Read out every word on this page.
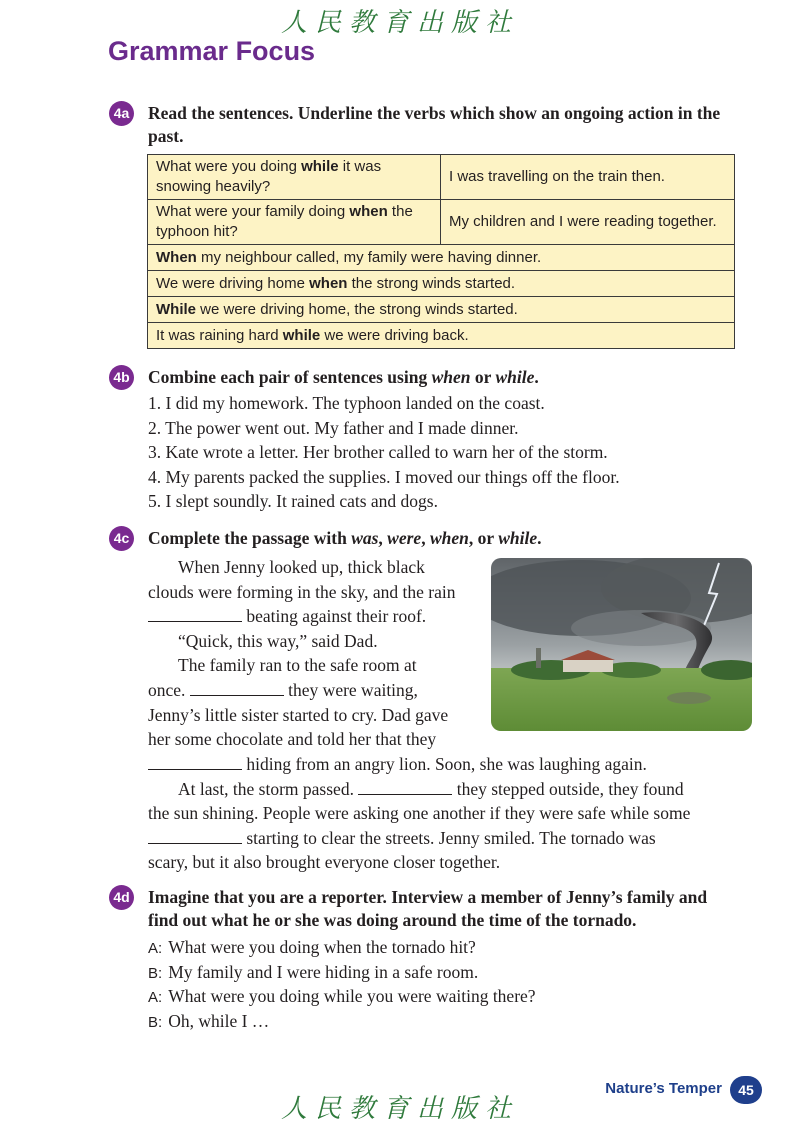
人民教育出版社
Grammar Focus
4a Read the sentences. Underline the verbs which show an ongoing action in the past.
What were you doing while it was snowing heavily?	I was travelling on the train then.
What were your family doing when the typhoon hit?	My children and I were reading together.
When my neighbour called, my family were having dinner.	
We were driving home when the strong winds started.	
While we were driving home, the strong winds started.	
It was raining hard while we were driving back.	
4b Combine each pair of sentences using when or while.
1. I did my homework. The typhoon landed on the coast.
2. The power went out. My father and I made dinner.
3. Kate wrote a letter. Her brother called to warn her of the storm.
4. My parents packed the supplies. I moved our things off the floor.
5. I slept soundly. It rained cats and dogs.
4c Complete the passage with was, were, when, or while.

When Jenny looked up, thick black

clouds were forming in the sky, and the rain

beating against their roof.

“Quick, this way,” said Dad.

The family ran to the safe room at

once.	they were waiting,

Jenny’s little sister started to cry. Dad gave

her some chocolate and told her that they

hiding from an angry lion. Soon, she was laughing again.

At last, the storm passed.	they stepped outside, they found

the sun shining. People were asking one another if they were safe while some

starting to clear the streets. Jenny smiled. The tornado was

scary, but it also brought everyone closer together.

4d Imagine that you are a reporter. Interview a member of Jenny’s family and find out what he or she was doing around the time of the tornado.
A: What were you doing when the tornado hit?
B: My family and I were hiding in a safe room.
A: What were you doing while you were waiting there?
B: Oh, while I …
Nature’s Temper	45
人民教育出版社
